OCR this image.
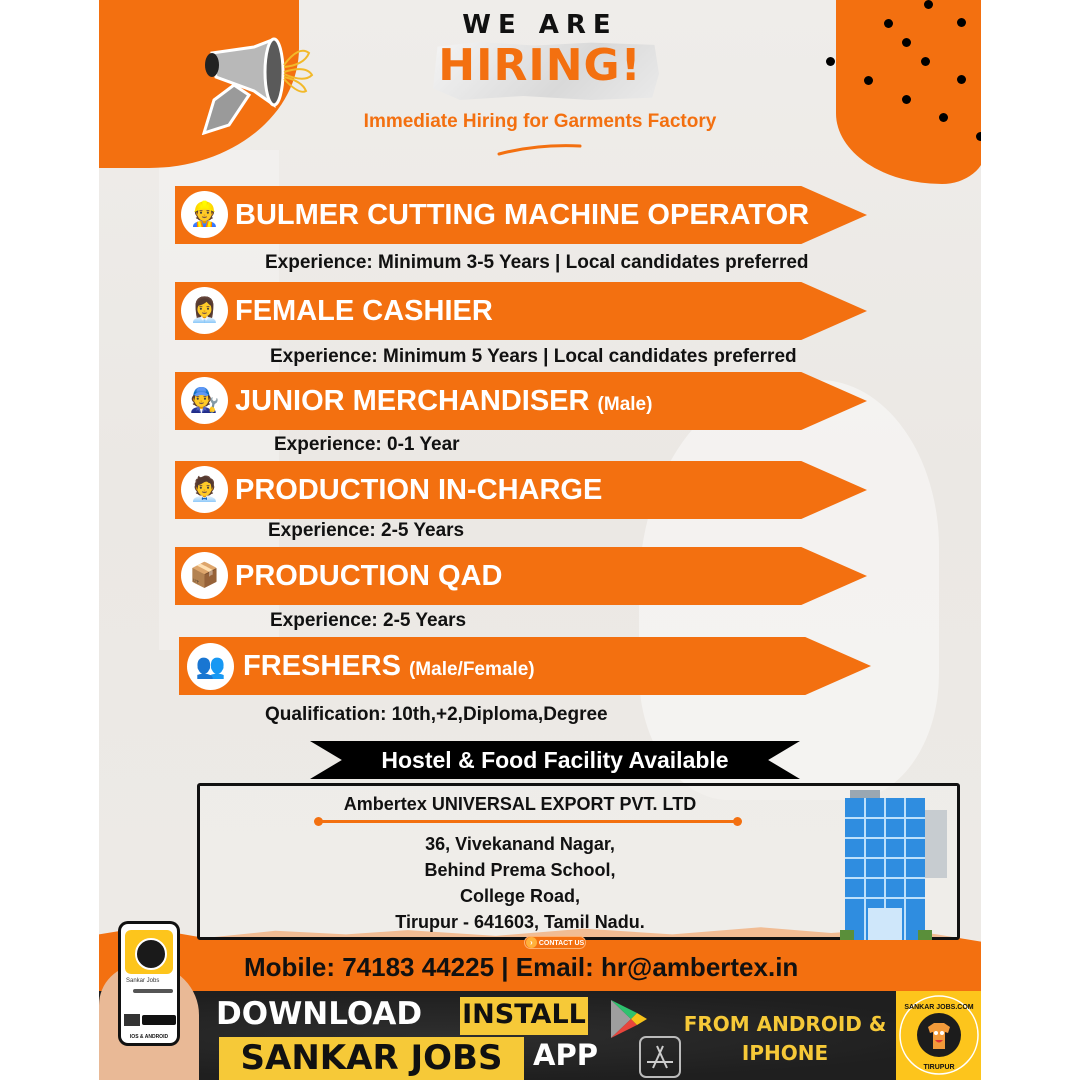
WE ARE
HIRING!
Immediate Hiring for Garments Factory
👷 BULMER CUTTING MACHINE OPERATOR
Experience: Minimum 3-5 Years | Local candidates preferred
👩‍💼 FEMALE CASHIER
Experience: Minimum 5 Years | Local candidates preferred
🧑‍🔧 JUNIOR MERCHANDISER (Male)
Experience: 0-1 Year
🧑‍💼 PRODUCTION IN-CHARGE
Experience: 2-5 Years
📦 PRODUCTION QAD
Experience: 2-5 Years
👥 FRESHERS (Male/Female)
Qualification: 10th,+2,Diploma,Degree
Hostel & Food Facility Available
Ambertex UNIVERSAL EXPORT PVT. LTD
36, Vivekanand Nagar,
Behind Prema School,
College Road,
Tirupur - 641603, Tamil Nadu.
› CONTACT US
Mobile: 74183 44225 | Email: hr@ambertex.in
DOWNLOAD INSTALL
SANKAR JOBS	APP
FROM ANDROID &
IPHONE
SANKAR JOBS.COM
TIRUPUR
Sankar Jobs
IOS & ANDROID
